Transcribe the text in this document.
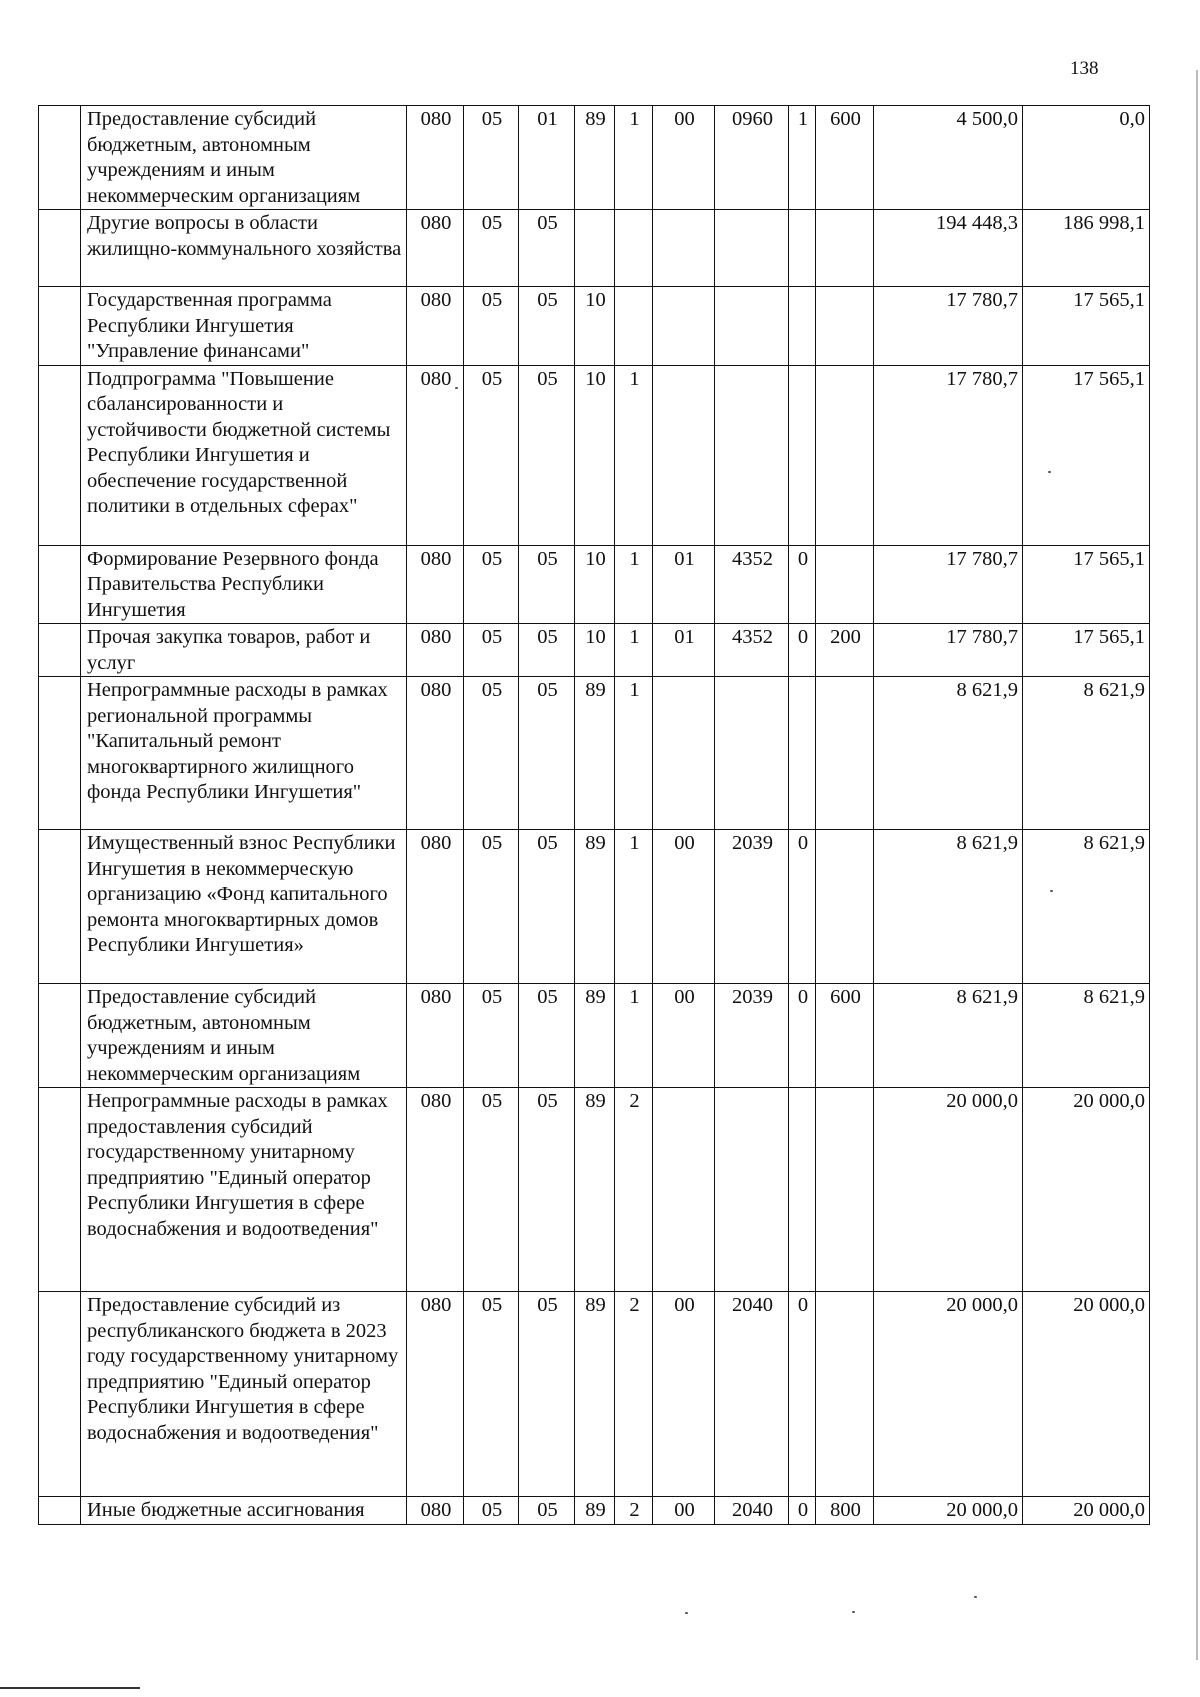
138
	Предоставление субсидий бюджетным, автономным учреждениям и иным некоммерческим организациям	080	05	01	89	1	00	0960	1	600	4 500,0	0,0
	Другие вопросы в области жилищно-коммунального хозяйства	080	05	05							194 448,3	186 998,1
	Государственная программа Республики Ингушетия "Управление финансами"	080	05	05	10						17 780,7	17 565,1
	Подпрограмма "Повышение сбалансированности и устойчивости бюджетной системы Республики Ингушетия и обеспечение государственной политики в отдельных сферах"	080	05	05	10	1					17 780,7	17 565,1
	Формирование Резервного фонда Правительства Республики Ингушетия	080	05	05	10	1	01	4352	0		17 780,7	17 565,1
	Прочая закупка товаров, работ и услуг	080	05	05	10	1	01	4352	0	200	17 780,7	17 565,1
	Непрограммные расходы в рамках региональной программы "Капитальный ремонт многоквартирного жилищного фонда Республики Ингушетия"	080	05	05	89	1					8 621,9	8 621,9
	Имущественный взнос Республики Ингушетия в некоммерческую организацию «Фонд капитального ремонта многоквартирных домов Республики Ингушетия»	080	05	05	89	1	00	2039	0		8 621,9	8 621,9
	Предоставление субсидий бюджетным, автономным учреждениям и иным некоммерческим организациям	080	05	05	89	1	00	2039	0	600	8 621,9	8 621,9
	Непрограммные расходы в рамках предоставления субсидий государственному унитарному предприятию "Единый оператор Республики Ингушетия в сфере водоснабжения и водоотведения"	080	05	05	89	2					20 000,0	20 000,0
	Предоставление субсидий из республиканского бюджета в 2023 году государственному унитарному предприятию "Единый оператор Республики Ингушетия в сфере водоснабжения и водоотведения"	080	05	05	89	2	00	2040	0		20 000,0	20 000,0
	Иные бюджетные ассигнования	080	05	05	89	2	00	2040	0	800	20 000,0	20 000,0
